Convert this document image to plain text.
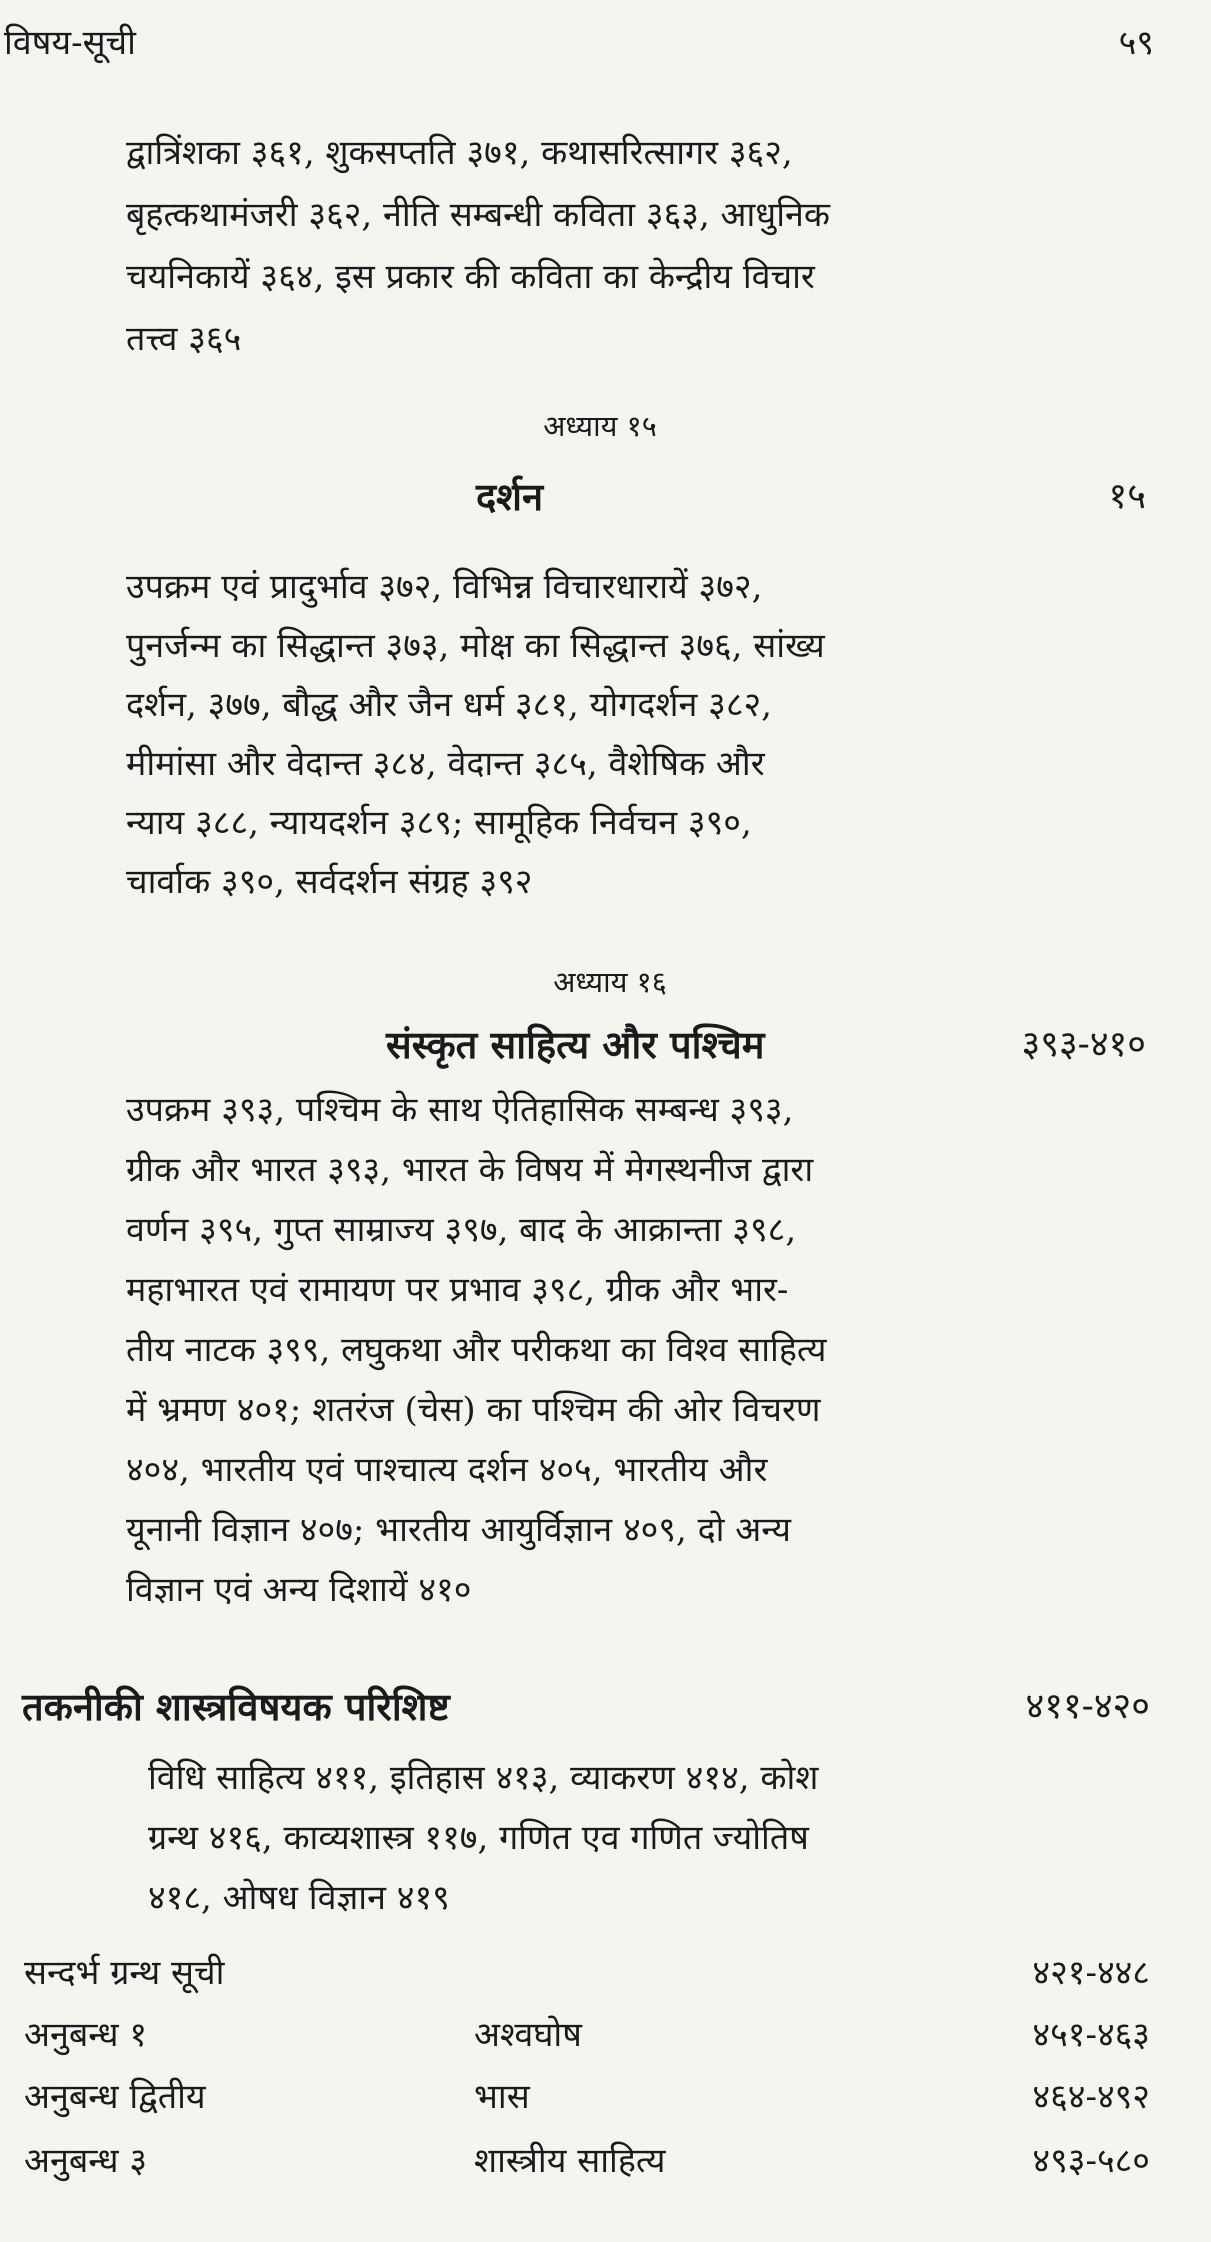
विषय-सूची	५९
द्वात्रिंशका ३६१, शुकसप्तति ३७१, कथासरित्सागर ३६२,
बृहत्कथामंजरी ३६२, नीति सम्बन्धी कविता ३६३, आधुनिक
चयनिकायें ३६४, इस प्रकार की कविता का केन्द्रीय विचार
तत्त्व ३६५
अध्याय १५
दर्शन	१५
उपक्रम एवं प्रादुर्भाव ३७२, विभिन्न विचारधारायें ३७२,
पुनर्जन्म का सिद्धान्त ३७३, मोक्ष का सिद्धान्त ३७६, सांख्य
दर्शन, ३७७, बौद्ध और जैन धर्म ३८१, योगदर्शन ३८२,
मीमांसा और वेदान्त ३८४, वेदान्त ३८५, वैशेषिक और
न्याय ३८८, न्यायदर्शन ३८९; सामूहिक निर्वचन ३९०,
चार्वाक ३९०, सर्वदर्शन संग्रह ३९२
अध्याय १६
संस्कृत साहित्य और पश्चिम	३९३-४१०
उपक्रम ३९३, पश्चिम के साथ ऐतिहासिक सम्बन्ध ३९३,
ग्रीक और भारत ३९३, भारत के विषय में मेगस्थनीज द्वारा
वर्णन ३९५, गुप्त साम्राज्य ३९७, बाद के आक्रान्ता ३९८,
महाभारत एवं रामायण पर प्रभाव ३९८, ग्रीक और भार-
तीय नाटक ३९९, लघुकथा और परीकथा का विश्व साहित्य
में भ्रमण ४०१; शतरंज (चेस) का पश्चिम की ओर विचरण
४०४, भारतीय एवं पाश्चात्य दर्शन ४०५, भारतीय और
यूनानी विज्ञान ४०७; भारतीय आयुर्विज्ञान ४०९, दो अन्य
विज्ञान एवं अन्य दिशायें ४१०
तकनीकी शास्त्रविषयक परिशिष्ट	४११-४२०
विधि साहित्य ४११, इतिहास ४१३, व्याकरण ४१४, कोश
ग्रन्थ ४१६, काव्यशास्त्र ११७, गणित एव गणित ज्योतिष
४१८, ओषध विज्ञान ४१९
सन्दर्भ ग्रन्थ सूची	४२१-४४८
अनुबन्ध १	अश्वघोष	४५१-४६३
अनुबन्ध द्वितीय	भास	४६४-४९२
अनुबन्ध ३	शास्त्रीय साहित्य	४९३-५८०
